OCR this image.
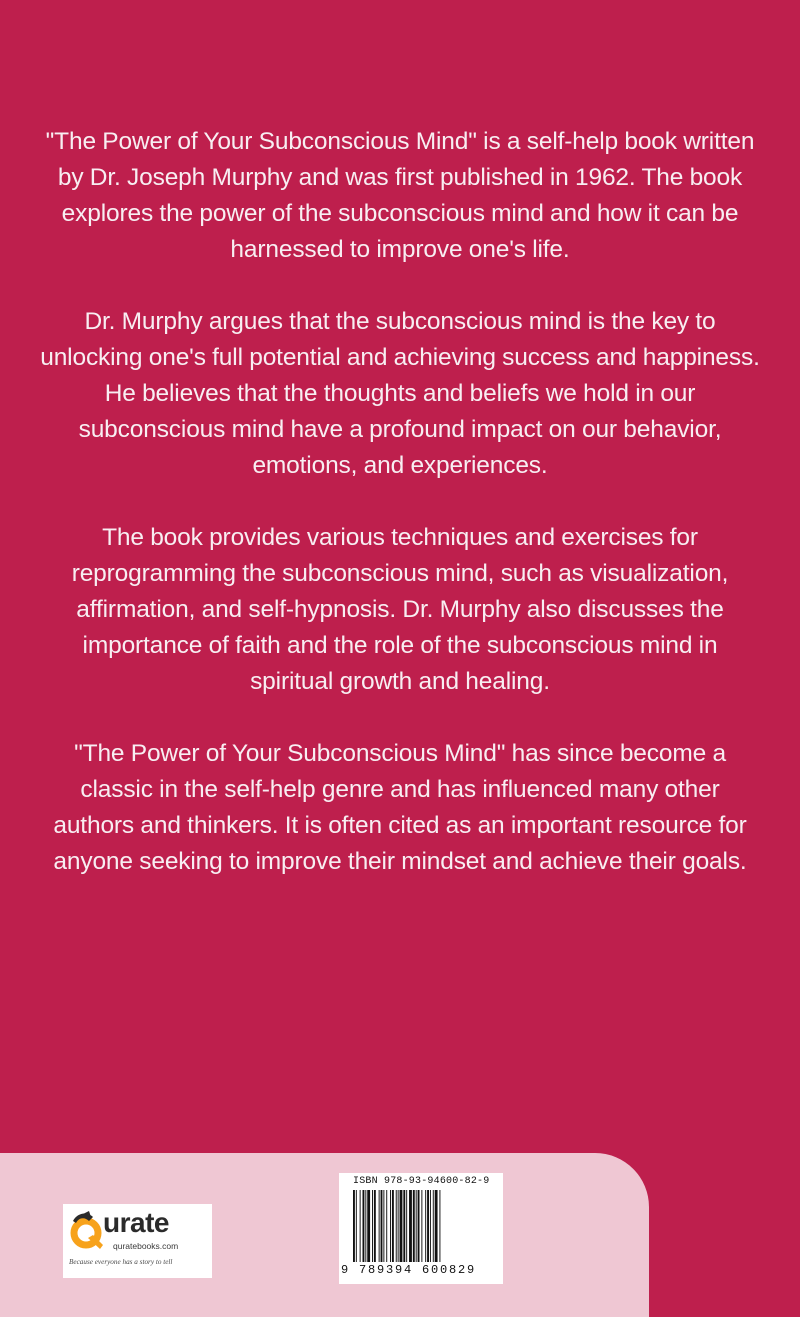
"The Power of Your Subconscious Mind" is a self-help book written by Dr. Joseph Murphy and was first published in 1962. The book explores the power of the subconscious mind and how it can be harnessed to improve one's life.

Dr. Murphy argues that the subconscious mind is the key to unlocking one's full potential and achieving success and happiness. He believes that the thoughts and beliefs we hold in our subconscious mind have a profound impact on our behavior, emotions, and experiences.

The book provides various techniques and exercises for reprogramming the subconscious mind, such as visualization, affirmation, and self-hypnosis. Dr. Murphy also discusses the importance of faith and the role of the subconscious mind in spiritual growth and healing.

"The Power of Your Subconscious Mind" has since become a classic in the self-help genre and has influenced many other authors and thinkers. It is often cited as an important resource for anyone seeking to improve their mindset and achieve their goals.

urate
quratebooks.com
Because everyone has a story to tell
ISBN 978-93-94600-82-9
9 789394 600829
